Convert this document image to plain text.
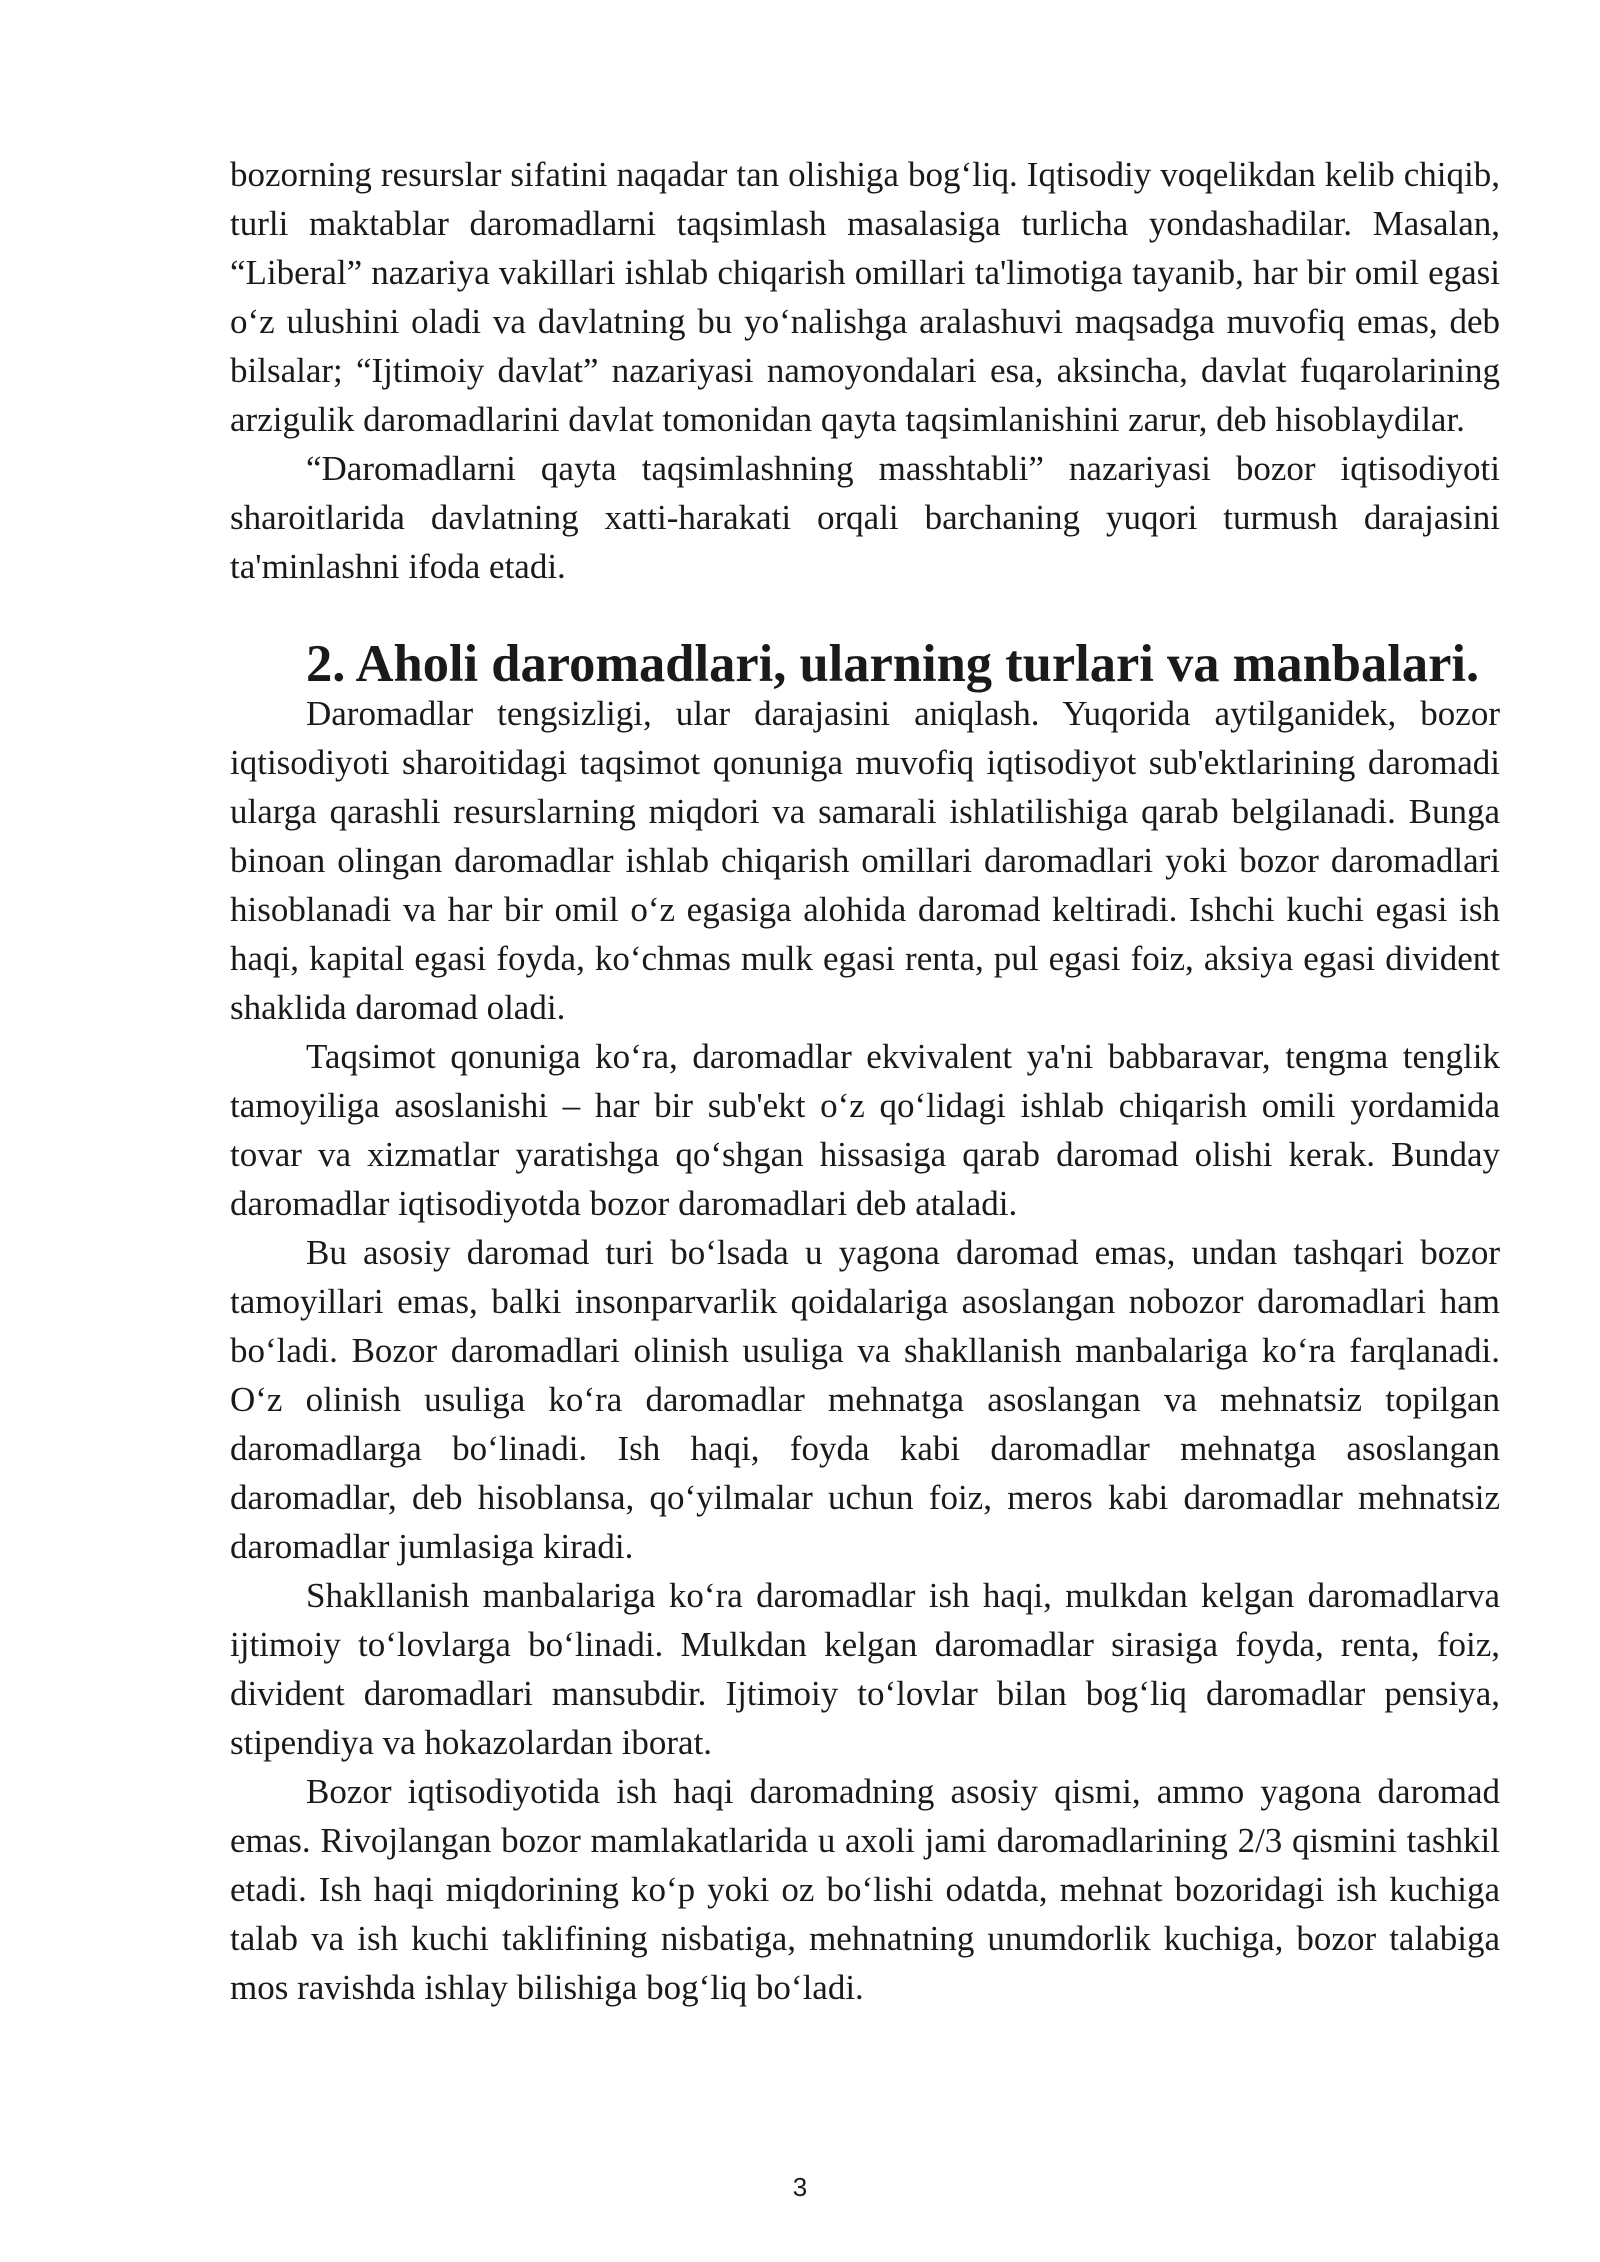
bozorning resurslar sifatini naqadar tan olishiga bog‘liq. Iqtisodiy voqelikdan kelib chiqib, turli maktablar daromadlarni taqsimlash masalasiga turlicha yondashadilar. Masalan, “Liberal” nazariya vakillari ishlab chiqarish omillari ta'limotiga tayanib, har bir omil egasi o‘z ulushini oladi va davlatning bu yo‘nalishga aralashuvi maqsadga muvofiq emas, deb bilsalar; “Ijtimoiy davlat” nazariyasi namoyondalari esa, aksincha, davlat fuqarolarining arzigulik daromadlarini davlat tomonidan qayta taqsimlanishini zarur, deb hisoblaydilar.

“Daromadlarni qayta taqsimlashning masshtabli” nazariyasi bozor iqtisodiyoti sharoitlarida davlatning xatti-harakati orqali barchaning yuqori turmush darajasini ta'minlashni ifoda etadi.

2. Aholi daromadlari, ularning turlari va manbalari.

Daromadlar tengsizligi, ular darajasini aniqlash. Yuqorida aytilganidek, bozor iqtisodiyoti sharoitidagi taqsimot qonuniga muvofiq iqtisodiyot sub'ektlarining daromadi ularga qarashli resurslarning miqdori va samarali ishlatilishiga qarab belgilanadi. Bunga binoan olingan daromadlar ishlab chiqarish omillari daromadlari yoki bozor daromadlari hisoblanadi va har bir omil o‘z egasiga alohida daromad keltiradi. Ishchi kuchi egasi ish haqi, kapital egasi foyda, ko‘chmas mulk egasi renta, pul egasi foiz, aksiya egasi divident shaklida daromad oladi.

Taqsimot qonuniga ko‘ra, daromadlar ekvivalent ya'ni babbaravar, tengma tenglik tamoyiliga asoslanishi – har bir sub'ekt o‘z qo‘lidagi ishlab chiqarish omili yordamida tovar va xizmatlar yaratishga qo‘shgan hissasiga qarab daromad olishi kerak. Bunday daromadlar iqtisodiyotda bozor daromadlari deb ataladi.

Bu asosiy daromad turi bo‘lsada u yagona daromad emas, undan tashqari bozor tamoyillari emas, balki insonparvarlik qoidalariga asoslangan nobozor daromadlari ham bo‘ladi. Bozor daromadlari olinish usuliga va shakllanish manbalariga ko‘ra farqlanadi. O‘z olinish usuliga ko‘ra daromadlar mehnatga asoslangan va mehnatsiz topilgan daromadlarga bo‘linadi. Ish haqi, foyda kabi daromadlar mehnatga asoslangan daromadlar, deb hisoblansa, qo‘yilmalar uchun foiz, meros kabi daromadlar mehnatsiz daromadlar jumlasiga kiradi.

Shakllanish manbalariga ko‘ra daromadlar ish haqi, mulkdan kelgan daromadlarva ijtimoiy to‘lovlarga bo‘linadi. Mulkdan kelgan daromadlar sirasiga foyda, renta, foiz, divident daromadlari mansubdir. Ijtimoiy to‘lovlar bilan bog‘liq daromadlar pensiya, stipendiya va hokazolardan iborat.

Bozor iqtisodiyotida ish haqi daromadning asosiy qismi, ammo yagona daromad emas. Rivojlangan bozor mamlakatlarida u axoli jami daromadlarining 2/3 qismini tashkil etadi. Ish haqi miqdorining ko‘p yoki oz bo‘lishi odatda, mehnat bozoridagi ish kuchiga talab va ish kuchi taklifining nisbatiga, mehnatning unumdorlik kuchiga, bozor talabiga mos ravishda ishlay bilishiga bog‘liq bo‘ladi.

3
